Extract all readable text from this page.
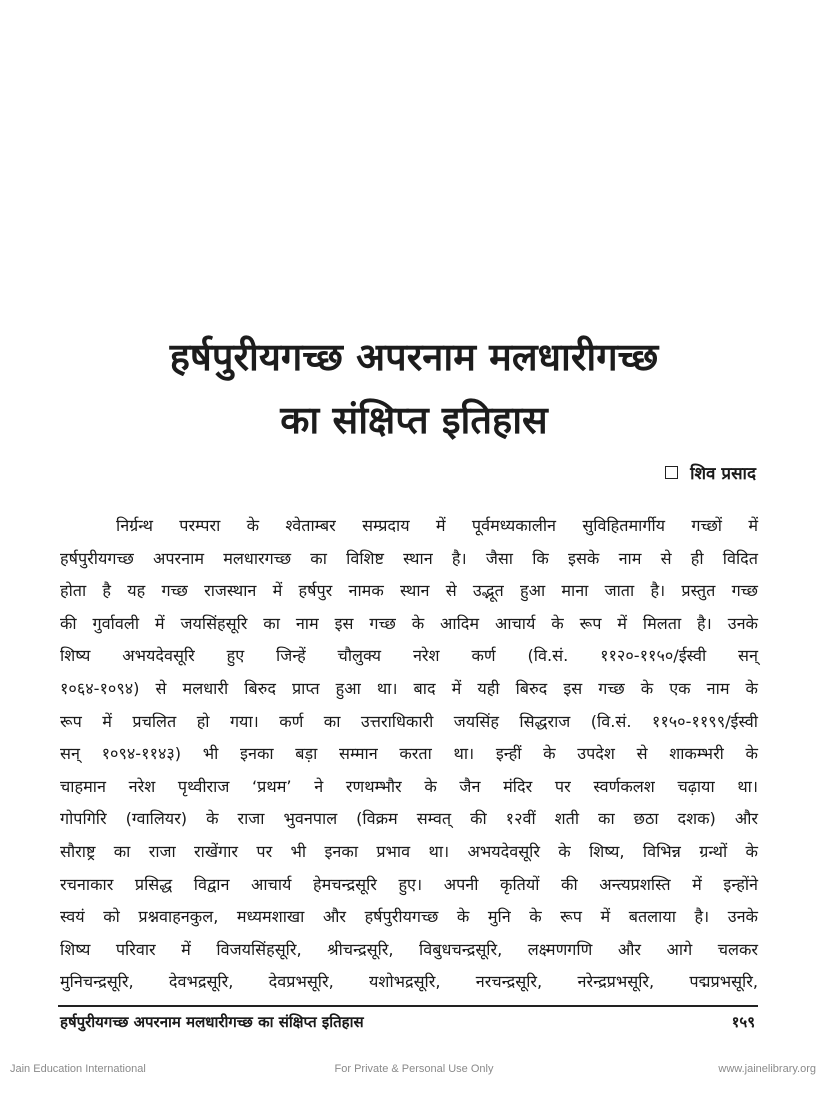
हर्षपुरीयगच्छ अपरनाम मलधारीगच्छ
का संक्षिप्त इतिहास
शिव प्रसाद
निर्ग्रन्थ परम्परा के श्वेताम्बर सम्प्रदाय में पूर्वमध्यकालीन सुविहितमार्गीय गच्छों में
हर्षपुरीयगच्छ अपरनाम मलधारगच्छ का विशिष्ट स्थान है। जैसा कि इसके नाम से ही विदित
होता है यह गच्छ राजस्थान में हर्षपुर नामक स्थान से उद्भूत हुआ माना जाता है। प्रस्तुत गच्छ
की गुर्वावली में जयसिंहसूरि का नाम इस गच्छ के आदिम आचार्य के रूप में मिलता है। उनके
शिष्य अभयदेवसूरि हुए जिन्हें चौलुक्य नरेश कर्ण (वि.सं. ११२०-११५०/ईस्वी सन्
१०६४-१०९४) से मलधारी बिरुद प्राप्त हुआ था। बाद में यही बिरुद इस गच्छ के एक नाम के
रूप में प्रचलित हो गया। कर्ण का उत्तराधिकारी जयसिंह सिद्धराज (वि.सं. ११५०-११९९/ईस्वी
सन् १०९४-११४३) भी इनका बड़ा सम्मान करता था। इन्हीं के उपदेश से शाकम्भरी के
चाहमान नरेश पृथ्वीराज ‘प्रथम’ ने रणथम्भौर के जैन मंदिर पर स्वर्णकलश चढ़ाया था।
गोपगिरि (ग्वालियर) के राजा भुवनपाल (विक्रम सम्वत् की १२वीं शती का छठा दशक) और
सौराष्ट्र का राजा राखेंगार पर भी इनका प्रभाव था। अभयदेवसूरि के शिष्य, विभिन्न ग्रन्थों के
रचनाकार प्रसिद्ध विद्वान आचार्य हेमचन्द्रसूरि हुए। अपनी कृतियों की अन्त्यप्रशस्ति में इन्होंने
स्वयं को प्रश्नवाहनकुल, मध्यमशाखा और हर्षपुरीयगच्छ के मुनि के रूप में बतलाया है। उनके
शिष्य परिवार में विजयसिंहसूरि, श्रीचन्द्रसूरि, विबुधचन्द्रसूरि, लक्ष्मणगणि और आगे चलकर
मुनिचन्द्रसूरि, देवभद्रसूरि, देवप्रभसूरि, यशोभद्रसूरि, नरचन्द्रसूरि, नरेन्द्रप्रभसूरि, पद्मप्रभसूरि,
हर्षपुरीयगच्छ अपरनाम मलधारीगच्छ का संक्षिप्त इतिहास	१५९
Jain Education International	For Private & Personal Use Only	www.jainelibrary.org
